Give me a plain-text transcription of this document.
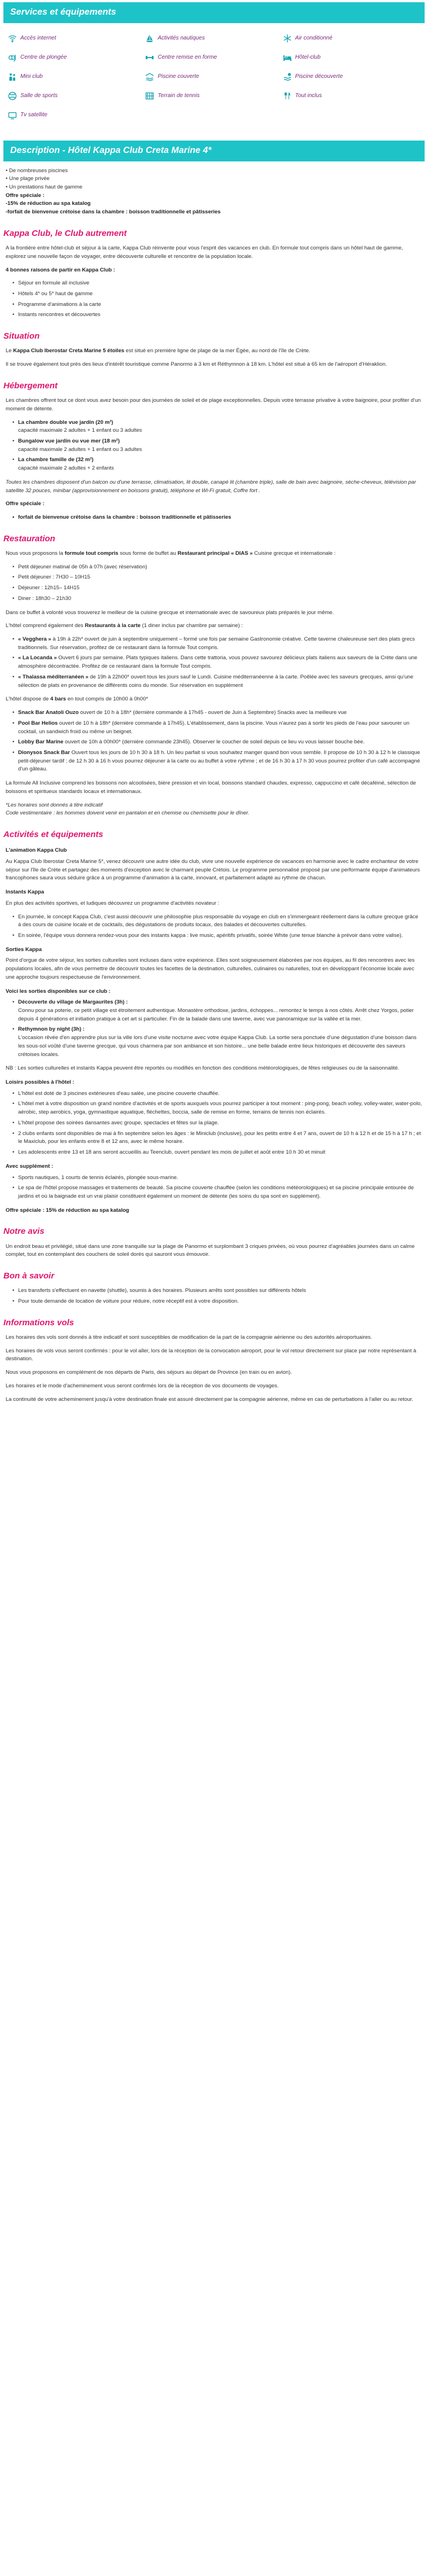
Services et équipements
Accès internet	Activités nautiques	Air conditionné
Centre de plongée	Centre remise en forme	Hôtel-club
Mini club	Piscine couverte	Piscine découverte
Salle de sports	Terrain de tennis	Tout inclus
Tv satellite
Description - Hôtel Kappa Club Creta Marine 4*
• De nombreuses piscines
• Une plage privée
• Un prestations haut de gamme
Offre spéciale :
-15% de réduction au spa katalog
-forfait de bienvenue crétoise dans la chambre : boisson traditionnelle et pâtisseries
Kappa Club, le Club autrement

A la frontière entre hôtel-club et séjour à la carte, Kappa Club réinvente pour vous l'esprit des vacances en club. En formule tout compris dans un hôtel haut de gamme, explorez une nouvelle façon de voyager, entre découverte culturelle et rencontre de la population locale.

4 bonnes raisons de partir en Kappa Club :

• Séjour en formule all inclusive
• Hôtels 4* ou 5* haut de gamme
• Programme d'animations à la carte
• Instants rencontres et découvertes
Situation

Le Kappa Club Iberostar Creta Marine 5 étoiles est situé en première ligne de plage de la mer Égée, au nord de l'île de Crète.

Il se trouve également tout près des lieux d'intérêt touristique comme Panormo à 3 km et Réthymnon à 18 km. L'hôtel est situé à 65 km de l'aéroport d'Héraklion.

Hébergement

Les chambres offrent tout ce dont vous avez besoin pour des journées de soleil et de plage exceptionnelles. Depuis votre terrasse privative à votre baignoire, pour profiter d'un moment de détente.

• La chambre double vue jardin (20 m²)
capacité maximale 2 adultes + 1 enfant ou 3 adultes
• Bungalow vue jardin ou vue mer (18 m²)
capacité maximale 2 adultes + 1 enfant ou 3 adultes
• La chambre famille de (32 m²)
capacité maximale 2 adultes + 2 enfants

Toutes les chambres disposent d'un balcon ou d'une terrasse, climatisation, lit double, canapé lit (chambre triple), salle de bain avec baignoire, sèche-cheveux, télévision par satellite 32 pouces, minibar (approvisionnement en boissons gratuit), téléphone et Wi-Fi gratuit, Coffre fort .

Offre spéciale :

• forfait de bienvenue crétoise dans la chambre : boisson traditionnelle et pâtisseries
Restauration

Nous vous proposons la formule tout compris sous forme de buffet au Restaurant principal « DIAS » Cuisine grecque et internationale :

• Petit déjeuner matinal de 05h à 07h (avec réservation)
• Petit déjeuner : 7H30 – 10H15
• Déjeuner : 12h15– 14H15
• Diner : 18h30 – 21h30

Dans ce buffet à volonté vous trouverez le meilleur de la cuisine grecque et internationale avec de savoureux plats préparés le jour même.

L'hôtel comprend également des Restaurants à la carte (1 diner inclus par chambre par semaine) :

• « Vegghera » à 19h à 22h* ouvert de juin à septembre uniquement – formé une fois par semaine Gastronomie créative. Cette taverne chaleureuse sert des plats grecs traditionnels. Sur réservation, profitez de ce restaurant dans la formule Tout compris.
• « La Locanda » Ouvert 6 jours par semaine. Plats typiques italiens. Dans cette trattoria, vous pouvez savourez délicieux plats italiens aux saveurs de la Crète dans une atmosphère décontractée. Profitez de ce restaurant dans la formule Tout compris.
• « Thalassa méditerranéen » de 19h à 22h00* ouvert tous les jours sauf le Lundi. Cuisine méditerranéenne à la carte. Poêlée avec les saveurs grecques, ainsi qu'une sélection de plats en provenance de différents coins du monde. Sur réservation en supplément

L'hôtel dispose de 4 bars en tout compris de 10h00 à 0h00*

• Snack Bar Anatoli Ouzo ouvert de 10 h à 18h* (dernière commande à 17h45 - ouvert de Juin à Septembre) Snacks avec la meilleure vue
• Pool Bar Helios ouvert de 10 h à 18h* (dernière commande à 17h45). L'établissement, dans la piscine. Vous n'aurez pas à sortir les pieds de l'eau pour savourer un cocktail, un sandwich froid ou même un beignet.
• Lobby Bar Marine ouvert de 10h à 00h00* (dernière commande 23h45). Observer le coucher de soleil depuis ce lieu vu vous laisser bouche bée.
• Dionysos Snack Bar Ouvert tous les jours de 10 h 30 à 18 h. Un lieu parfait si vous souhaitez manger quand bon vous semble. Il propose de 10 h 30 à 12 h le classique petit-déjeuner tardif ; de 12 h 30 à 16 h vous pourrez déjeuner à la carte ou au buffet à votre rythme ; et de 16 h 30 à 17 h 30 vous pourrez profiter d'un café accompagné d'un gâteau.

La formule All Inclusive comprend les boissons non alcoolisées, bière pression et vin local, boissons standard chaudes, expresso, cappuccino et café décaféiné, sélection de boissons et spiritueux standards locaux et internationaux.

*Les horaires sont donnés à titre indicatif
Code vestimentaire : les hommes doivent venir en pantalon et en chemise ou chemisette pour le dîner.
Activités et équipements
L'animation Kappa Club

Au Kappa Club Iberostar Creta Marine 5*, venez découvrir une autre idée du club, vivre une nouvelle expérience de vacances en harmonie avec le cadre enchanteur de votre séjour sur l'île de Crète et partagez des moments d'exception avec le charmant peuple Crétois. Le programme personnalisé proposé par une performante équipe d'animateurs francophones saura vous séduire grâce à un programme d'animation à la carte, innovant, et parfaitement adapté au rythme de chacun.

Instants Kappa

En plus des activités sportives, et ludiques découvrez un programme d'activités novateur :

• En journée, le concept Kappa Club, c'est aussi découvrir une philosophie plus responsable du voyage en club en s'immergeant réellement dans la culture grecque grâce à des cours de cuisine locale et de cocktails, des dégustations de produits locaux, des balades et découvertes culturelles.
• En soirée, l'équipe vous donnera rendez-vous pour des instants kappa : live music, apéritifs privatifs, soirée White (une tenue blanche à prévoir dans votre valise).
Sorties Kappa

Point d'orgue de votre séjour, les sorties culturelles sont incluses dans votre expérience. Elles sont soigneusement élaborées par nos équipes, au fil des rencontres avec les populations locales, afin de vous permettre de découvrir toutes les facettes de la destination, culturelles, culinaires ou naturelles, tout en développant l'économie locale avec une approche toujours respectueuse de l'environnement.

Voici les sorties disponibles sur ce club :
• Découverte du village de Margaurites (3h) :
Connu pour sa poterie, ce petit village est étroitement authentique. Monastère orthodoxe, jardins, échoppes... remontez le temps à nos côtés. Arrêt chez Yorgos, potier depuis 4 générations et initiation pratique à cet art si particulier. Fin de la balade dans une taverne, avec vue panoramique sur la vallée et la mer.
• Rethymnon by night (3h) :
L'occasion rêvée d'en apprendre plus sur la ville lors d'une visite nocturne avec votre équipe Kappa Club. La sortie sera ponctuée d'une dégustation d'une boisson dans les sous-sol voûté d'une taverne grecque, qui vous charmera par son ambiance et son histoire... une belle balade entre lieux historiques et découverte des saveurs crétoises locales.

NB : Les sorties culturelles et instants Kappa peuvent être reportés ou modifiés en fonction des conditions météorologiques, de fêtes religieuses ou de la saisonnalité.

Loisirs possibles à l'hôtel :
• L'hôtel est doté de 3 piscines extérieures d'eau salée, une piscine couverte chauffée.
• L'hôtel met à votre disposition un grand nombre d'activités et de sports auxquels vous pourrez participer à tout moment : ping-pong, beach volley, volley-water, water-polo, aérobic, step aerobics, yoga, gymnastique aquatique, fléchettes, boccia, salle de remise en forme, terrains de tennis non éclairés.
• L'hôtel propose des soirées dansantes avec groupe, spectacles et fêtes sur la plage.
• 2 clubs enfants sont disponibles de mai à fin septembre selon les âges : le Miniclub (inclusive), pour les petits entre 4 et 7 ans, ouvert de 10 h à 12 h et de 15 h à 17 h ; et le Maxiclub, pour les enfants entre 8 et 12 ans, avec le même horaire.
• Les adolescents entre 13 et 18 ans seront accueillis au Teenclub, ouvert pendant les mois de juillet et août entre 10 h 30 et minuit
Avec supplément :
• Sports nautiques, 1 courts de tennis éclairés, plongée sous-marine.
• Le spa de l'hôtel propose massages et traitements de beauté. Sa piscine couverte chauffée (selon les conditions météorologiques) et sa piscine principale entourée de jardins et où la baignade est un vrai plaisir constituent également un moment de détente (les soins du spa sont en supplément).

Offre spéciale : 15% de réduction au spa katalog

Notre avis

Un endroit beau et privilégié, situé dans une zone tranquille sur la plage de Panormo et surplombant 3 criques privées, où vous pourrez d'agréables journées dans un calme complet, tout en contemplant des couchers de soleil dorés qui sauront vous émouvoir.

Bon à savoir
• Les transferts s'effectuent en navette (shuttle), soumis à des horaires. Plusieurs arrêts sont possibles sur différents hôtels
• Pour toute demande de location de voiture pour réduire, notre réceptif est à votre disposition.
Informations vols

Les horaires des vols sont donnés à titre indicatif et sont susceptibles de modification de la part de la compagnie aérienne ou des autorités aéroportuaires.

Les horaires de vols vous seront confirmés : pour le vol aller, lors de la réception de la convocation aéroport, pour le vol retour directement sur place par notre représentant à destination.

Nous vous proposons en complément de nos départs de Paris, des séjours au départ de Province (en train ou en avion).

Les horaires et le mode d'acheminement vous seront confirmés lors de la réception de vos documents de voyages.

La continuité de votre acheminement jusqu'à votre destination finale est assuré directement par la compagnie aérienne, même en cas de perturbations à l'aller ou au retour.
